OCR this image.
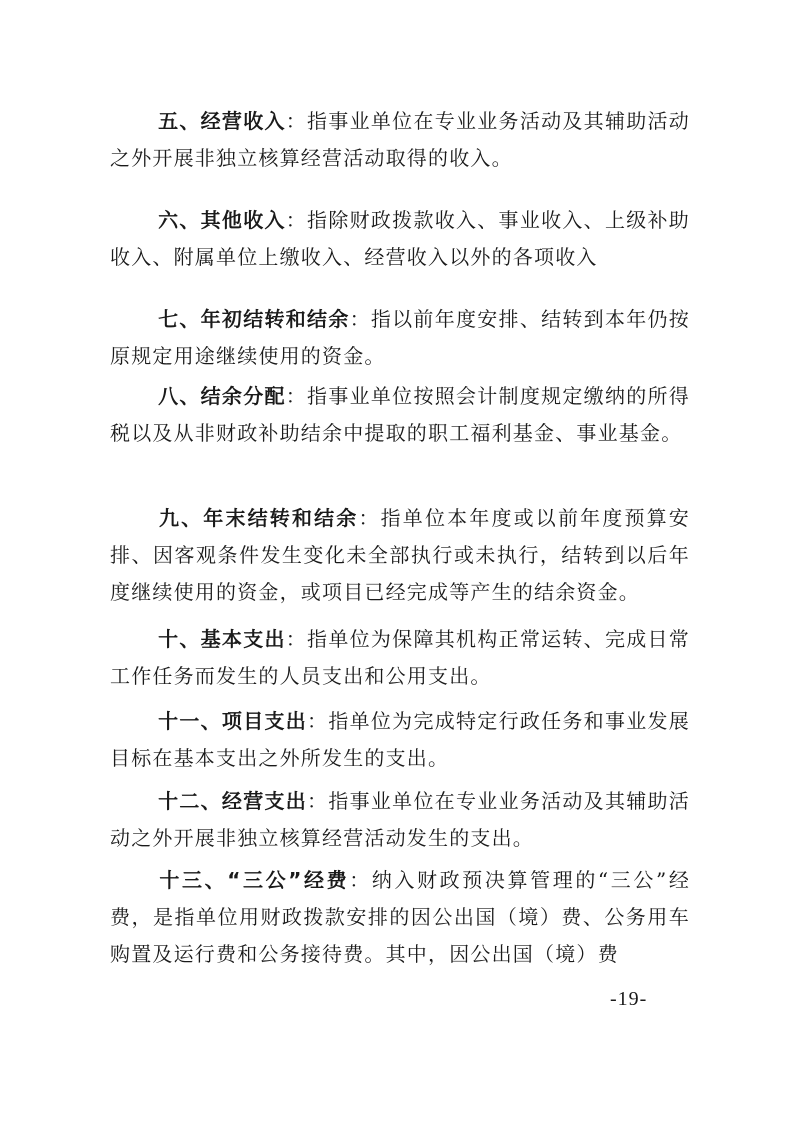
五、经营收入：指事业单位在专业业务活动及其辅助活动之外开展非独立核算经营活动取得的收入。

六、其他收入：指除财政拨款收入、事业收入、上级补助收入、附属单位上缴收入、经营收入以外的各项收入

七、年初结转和结余：指以前年度安排、结转到本年仍按原规定用途继续使用的资金。

八、结余分配：指事业单位按照会计制度规定缴纳的所得税以及从非财政补助结余中提取的职工福利基金、事业基金。

九、年末结转和结余：指单位本年度或以前年度预算安排、因客观条件发生变化未全部执行或未执行，结转到以后年度继续使用的资金，或项目已经完成等产生的结余资金。

十、基本支出：指单位为保障其机构正常运转、完成日常工作任务而发生的人员支出和公用支出。

十一、项目支出：指单位为完成特定行政任务和事业发展目标在基本支出之外所发生的支出。

十二、经营支出：指事业单位在专业业务活动及其辅助活动之外开展非独立核算经营活动发生的支出。

十三、“三公”经费：纳入财政预决算管理的“三公”经费，是指单位用财政拨款安排的因公出国（境）费、公务用车购置及运行费和公务接待费。其中，因公出国（境）费

-19-
